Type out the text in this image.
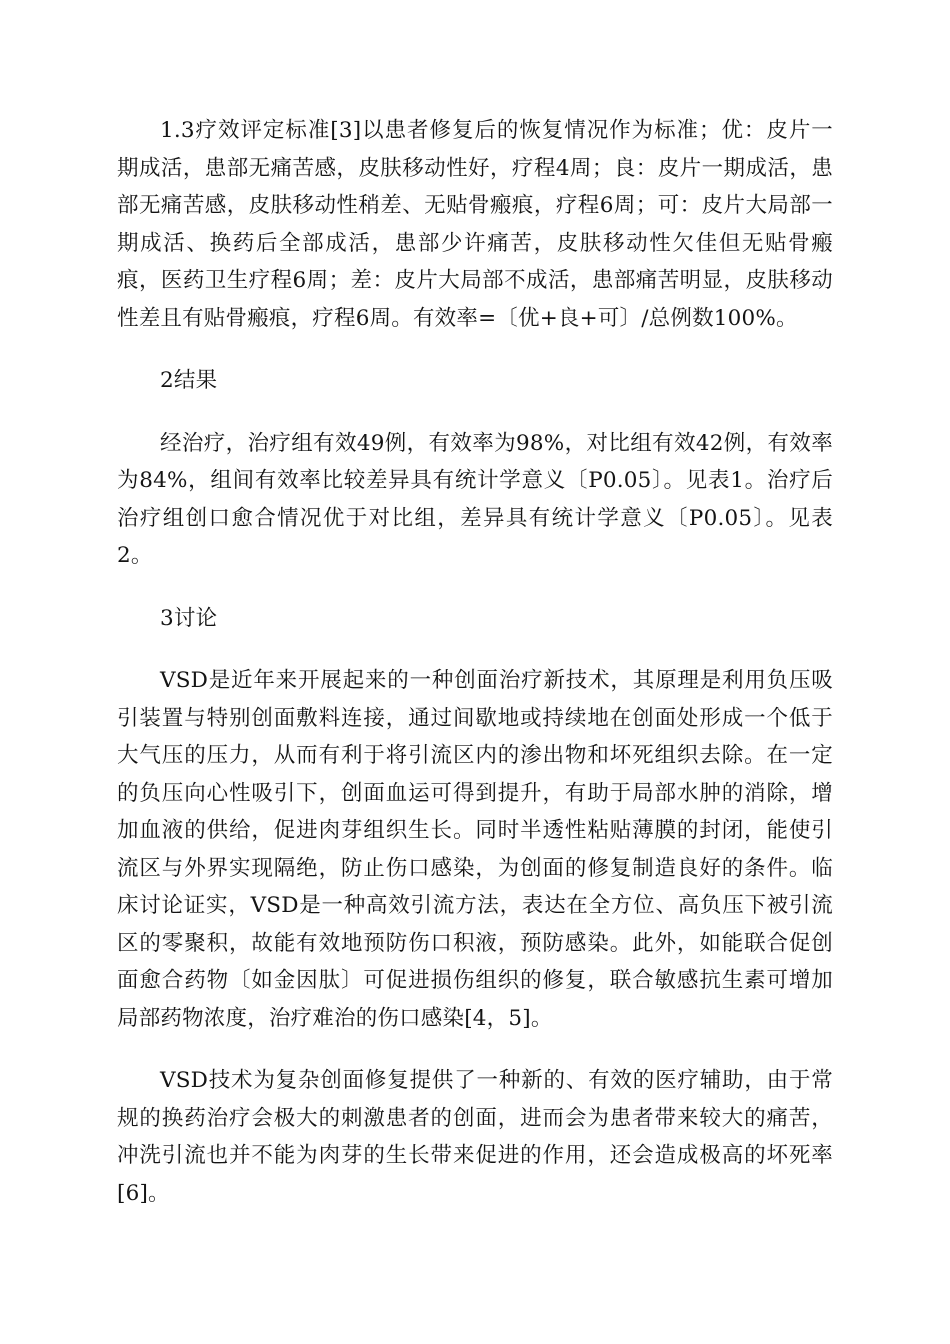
1.3疗效评定标准[3]以患者修复后的恢复情况作为标准；优：皮片一期成活，患部无痛苦感，皮肤移动性好，疗程4周；良：皮片一期成活，患部无痛苦感，皮肤移动性稍差、无贴骨瘢痕，疗程6周；可：皮片大局部一期成活、换药后全部成活，患部少许痛苦，皮肤移动性欠佳但无贴骨瘢痕，医药卫生疗程6周；差：皮片大局部不成活，患部痛苦明显，皮肤移动性差且有贴骨瘢痕，疗程6周。有效率=〔优+良+可〕/总例数100%。

2结果

经治疗，治疗组有效49例，有效率为98%，对比组有效42例，有效率为84%，组间有效率比较差异具有统计学意义〔P0.05〕。见表1。治疗后治疗组创口愈合情况优于对比组，差异具有统计学意义〔P0.05〕。见表2。

3讨论

VSD是近年来开展起来的一种创面治疗新技术，其原理是利用负压吸引装置与特别创面敷料连接，通过间歇地或持续地在创面处形成一个低于大气压的压力，从而有利于将引流区内的渗出物和坏死组织去除。在一定的负压向心性吸引下，创面血运可得到提升，有助于局部水肿的消除，增加血液的供给，促进肉芽组织生长。同时半透性粘贴薄膜的封闭，能使引流区与外界实现隔绝，防止伤口感染，为创面的修复制造良好的条件。临床讨论证实，VSD是一种高效引流方法，表达在全方位、高负压下被引流区的零聚积，故能有效地预防伤口积液，预防感染。此外，如能联合促创面愈合药物〔如金因肽〕可促进损伤组织的修复，联合敏感抗生素可增加局部药物浓度，治疗难治的伤口感染[4，5]。

VSD技术为复杂创面修复提供了一种新的、有效的医疗辅助，由于常规的换药治疗会极大的刺激患者的创面，进而会为患者带来较大的痛苦，冲洗引流也并不能为肉芽的生长带来促进的作用，还会造成极高的坏死率[6]。
